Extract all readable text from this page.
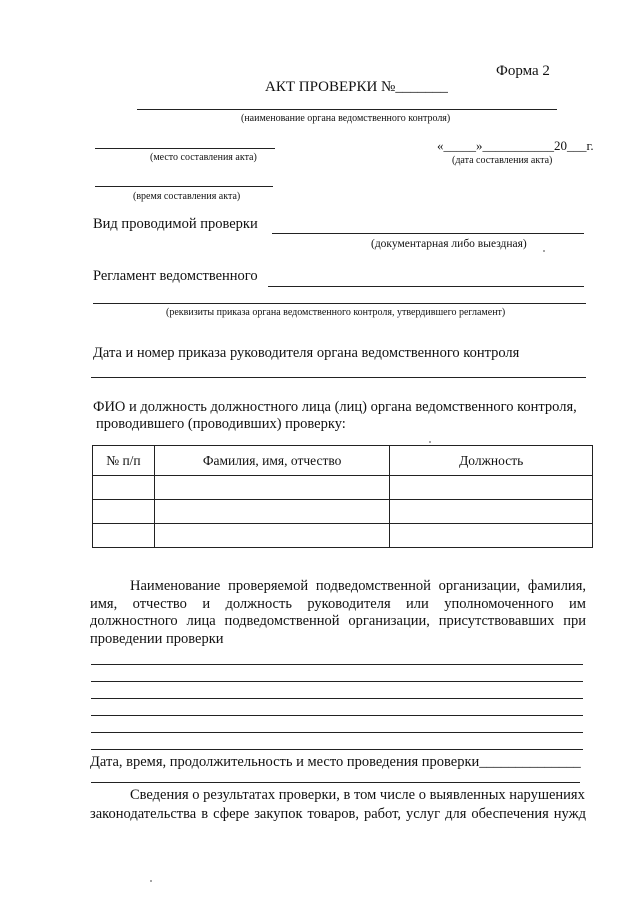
Форма 2
АКТ ПРОВЕРКИ №_______
(наименование органа ведомственного контроля)
(место составления акта)
«_____»___________20___г.
(дата составления акта)
(время составления акта)
Вид проводимой проверки
(документарная либо выездная)
Регламент ведомственного
(реквизиты приказа органа ведомственного контроля, утвердившего регламент)
Дата и номер приказа руководителя органа ведомственного контроля
ФИО и должность должностного лица (лиц) органа ведомственного контроля,
проводившего (проводивших) проверку:
№ п/п	Фамилия, имя, отчество	Должность

Наименование проверяемой подведомственной организации, фамилия, имя, отчество и должность руководителя или уполномоченного им должностного лица подведомственной организации, присутствовавших при проведении проверки
Дата, время, продолжительность и место проведения проверки______________
Сведения о результатах проверки, в том числе о выявленных нарушениях
законодательства в сфере закупок товаров, работ, услуг для обеспечения нужд
